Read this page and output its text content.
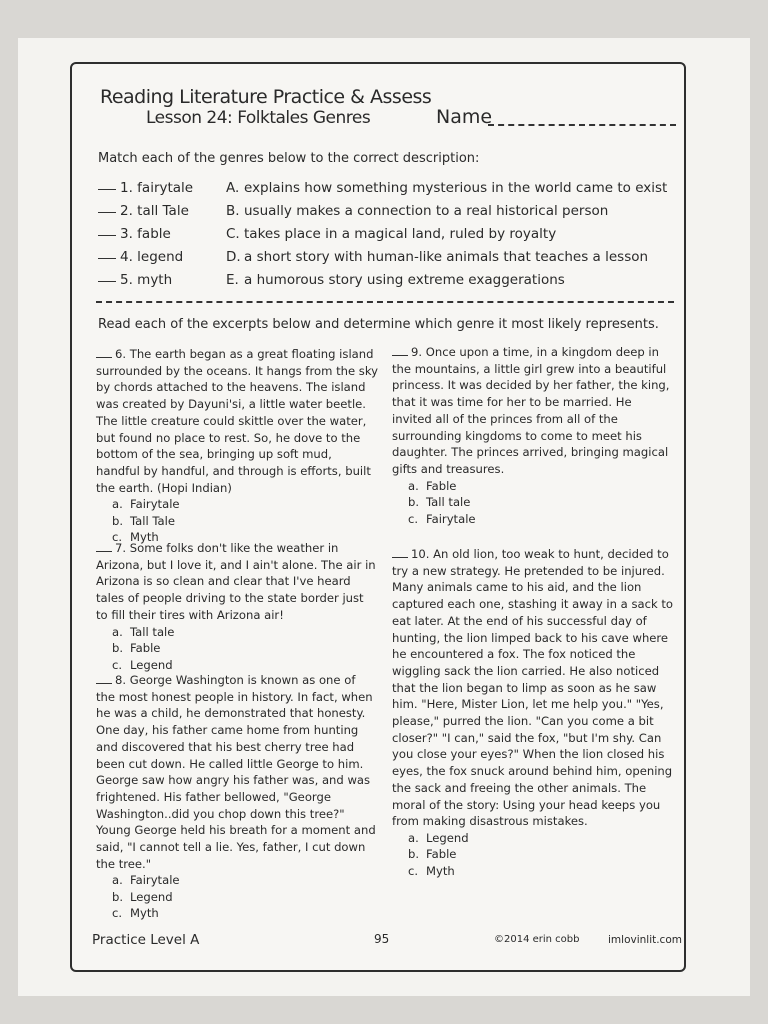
Reading Literature Practice & Assess
Lesson 24: Folktales Genres	Name
Match each of the genres below to the correct description:
1. fairytale A. explains how something mysterious in the world came to exist
2. tall Tale	B. usually makes a connection to a real historical person
3. fable	C. takes place in a magical land, ruled by royalty
4. legend	D. a short story with human-like animals that teaches a lesson
5. myth	E. a humorous story using extreme exaggerations
Read each of the excerpts below and determine which genre it most likely represents.
6. The earth began as a great floating island surrounded by the oceans. It hangs from the sky by chords attached to the heavens. The island was created by Dayuni'si, a little water beetle. The little creature could skittle over the water, but found no place to rest. So, he dove to the bottom of the sea, bringing up soft mud, handful by handful, and through is efforts, built the earth. (Hopi Indian)
a. Fairytale
b. Tall Tale
c. Myth
7. Some folks don't like the weather in Arizona, but I love it, and I ain't alone. The air in Arizona is so clean and clear that I've heard tales of people driving to the state border just to fill their tires with Arizona air!
a. Tall tale
b. Fable
c. Legend
8. George Washington is known as one of the most honest people in history. In fact, when he was a child, he demonstrated that honesty. One day, his father came home from hunting and discovered that his best cherry tree had been cut down. He called little George to him. George saw how angry his father was, and was frightened. His father bellowed, "George Washington..did you chop down this tree?" Young George held his breath for a moment and said, "I cannot tell a lie. Yes, father, I cut down the tree."
a. Fairytale
b. Legend
c. Myth
9. Once upon a time, in a kingdom deep in the mountains, a little girl grew into a beautiful princess. It was decided by her father, the king, that it was time for her to be married. He invited all of the princes from all of the surrounding kingdoms to come to meet his daughter. The princes arrived, bringing magical gifts and treasures.
a. Fable
b. Tall tale
c. Fairytale
10. An old lion, too weak to hunt, decided to try a new strategy. He pretended to be injured. Many animals came to his aid, and the lion captured each one, stashing it away in a sack to eat later. At the end of his successful day of hunting, the lion limped back to his cave where he encountered a fox. The fox noticed the wiggling sack the lion carried. He also noticed that the lion began to limp as soon as he saw him. "Here, Mister Lion, let me help you." "Yes, please," purred the lion. "Can you come a bit closer?" "I can," said the fox, "but I'm shy. Can you close your eyes?" When the lion closed his eyes, the fox snuck around behind him, opening the sack and freeing the other animals. The moral of the story: Using your head keeps you from making disastrous mistakes.
a. Legend
b. Fable
c. Myth
Practice Level A	95	©2014 erin cobb	imlovinlit.com
